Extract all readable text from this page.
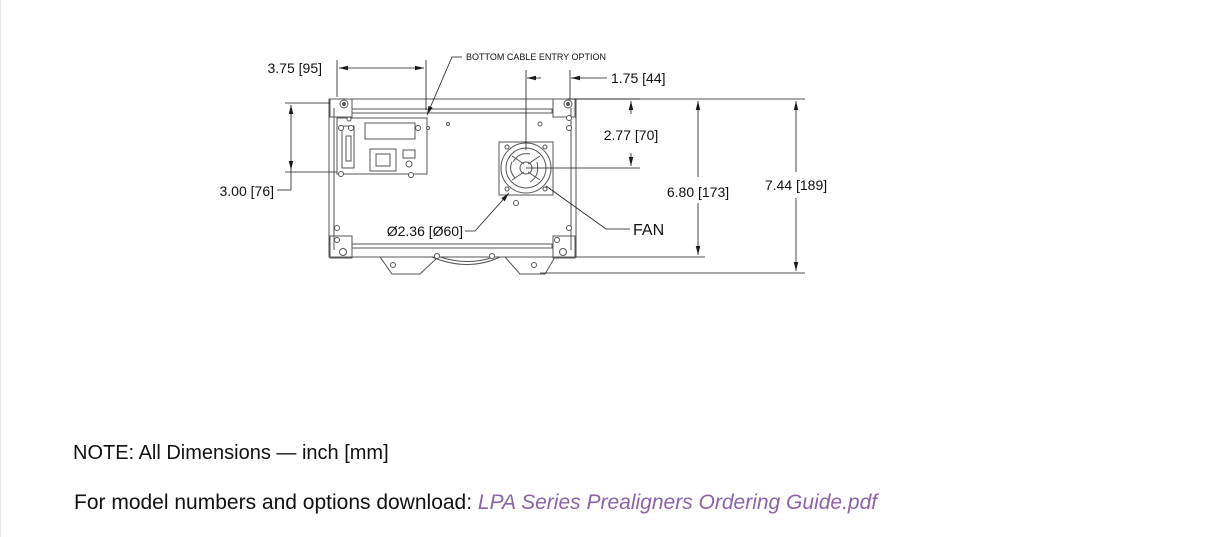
3.75 [95]
3.00 [76]
BOTTOM CABLE ENTRY OPTION
1.75 [44]
2.77 [70]
6.80 [173]	7.44 [189]
FAN
Ø2.36 [Ø60]
NOTE: All Dimensions — inch [mm]
For model numbers and options download: LPA Series Prealigners Ordering Guide.pdf
